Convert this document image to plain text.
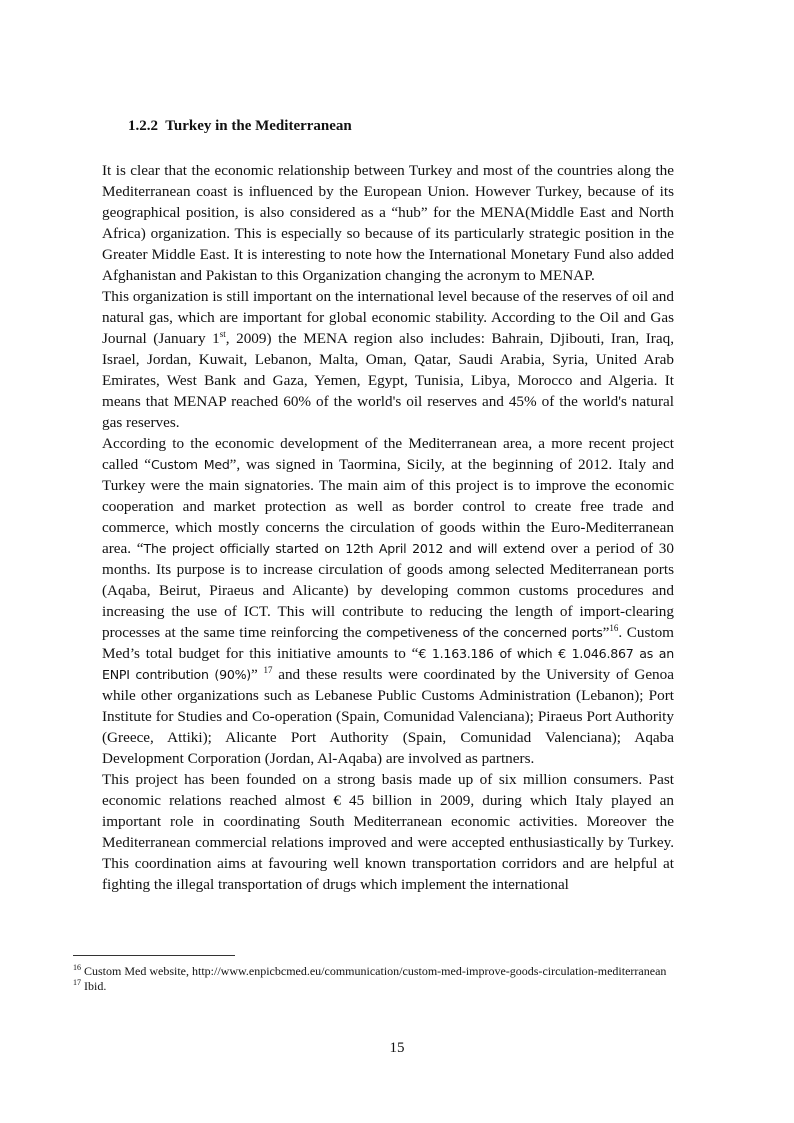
1.2.2 Turkey in the Mediterranean

It is clear that the economic relationship between Turkey and most of the countries along the Mediterranean coast is influenced by the European Union. However Turkey, because of its geographical position, is also considered as a “hub” for the MENA(Middle East and North Africa) organization. This is especially so because of its particularly strategic position in the Greater Middle East. It is interesting to note how the International Monetary Fund also added Afghanistan and Pakistan to this Organization changing the acronym to MENAP.

This organization is still important on the international level because of the reserves of oil and natural gas, which are important for global economic stability. According to the Oil and Gas Journal (January 1st, 2009) the MENA region also includes: Bahrain, Djibouti, Iran, Iraq, Israel, Jordan, Kuwait, Lebanon, Malta, Oman, Qatar, Saudi Arabia, Syria, United Arab Emirates, West Bank and Gaza, Yemen, Egypt, Tunisia, Libya, Morocco and Algeria. It means that MENAP reached 60% of the world's oil reserves and 45% of the world's natural gas reserves.

According to the economic development of the Mediterranean area, a more recent project called “Custom Med”, was signed in Taormina, Sicily, at the beginning of 2012. Italy and Turkey were the main signatories. The main aim of this project is to improve the economic cooperation and market protection as well as border control to create free trade and commerce, which mostly concerns the circulation of goods within the Euro-Mediterranean area. “The project officially started on 12th April 2012 and will extend over a period of 30 months. Its purpose is to increase circulation of goods among selected Mediterranean ports (Aqaba, Beirut, Piraeus and Alicante) by developing common customs procedures and increasing the use of ICT. This will contribute to reducing the length of import-clearing processes at the same time reinforcing the competiveness of the concerned ports”$^{16}$. Custom Med’s total budget for this initiative amounts to “€ 1.163.186 of which € 1.046.867 as an ENPI contribution (90%)” $^{17}$ and these results were coordinated by the University of Genoa while other organizations such as Lebanese Public Customs Administration (Lebanon); Port Institute for Studies and Co-operation (Spain, Comunidad Valenciana); Piraeus Port Authority (Greece, Attiki); Alicante Port Authority (Spain, Comunidad Valenciana); Aqaba Development Corporation (Jordan, Al-Aqaba) are involved as partners.

This project has been founded on a strong basis made up of six million consumers. Past economic relations reached almost € 45 billion in 2009, during which Italy played an important role in coordinating South Mediterranean economic activities. Moreover the Mediterranean commercial relations improved and were accepted enthusiastically by Turkey. This coordination aims at favouring well known transportation corridors and are helpful at fighting the illegal transportation of drugs which implement the international

$^{16}$ Custom Med website, http://www.enpicbcmed.eu/communication/custom-med-improve-goods-circulation-mediterranean

$^{17}$ Ibid.

15
